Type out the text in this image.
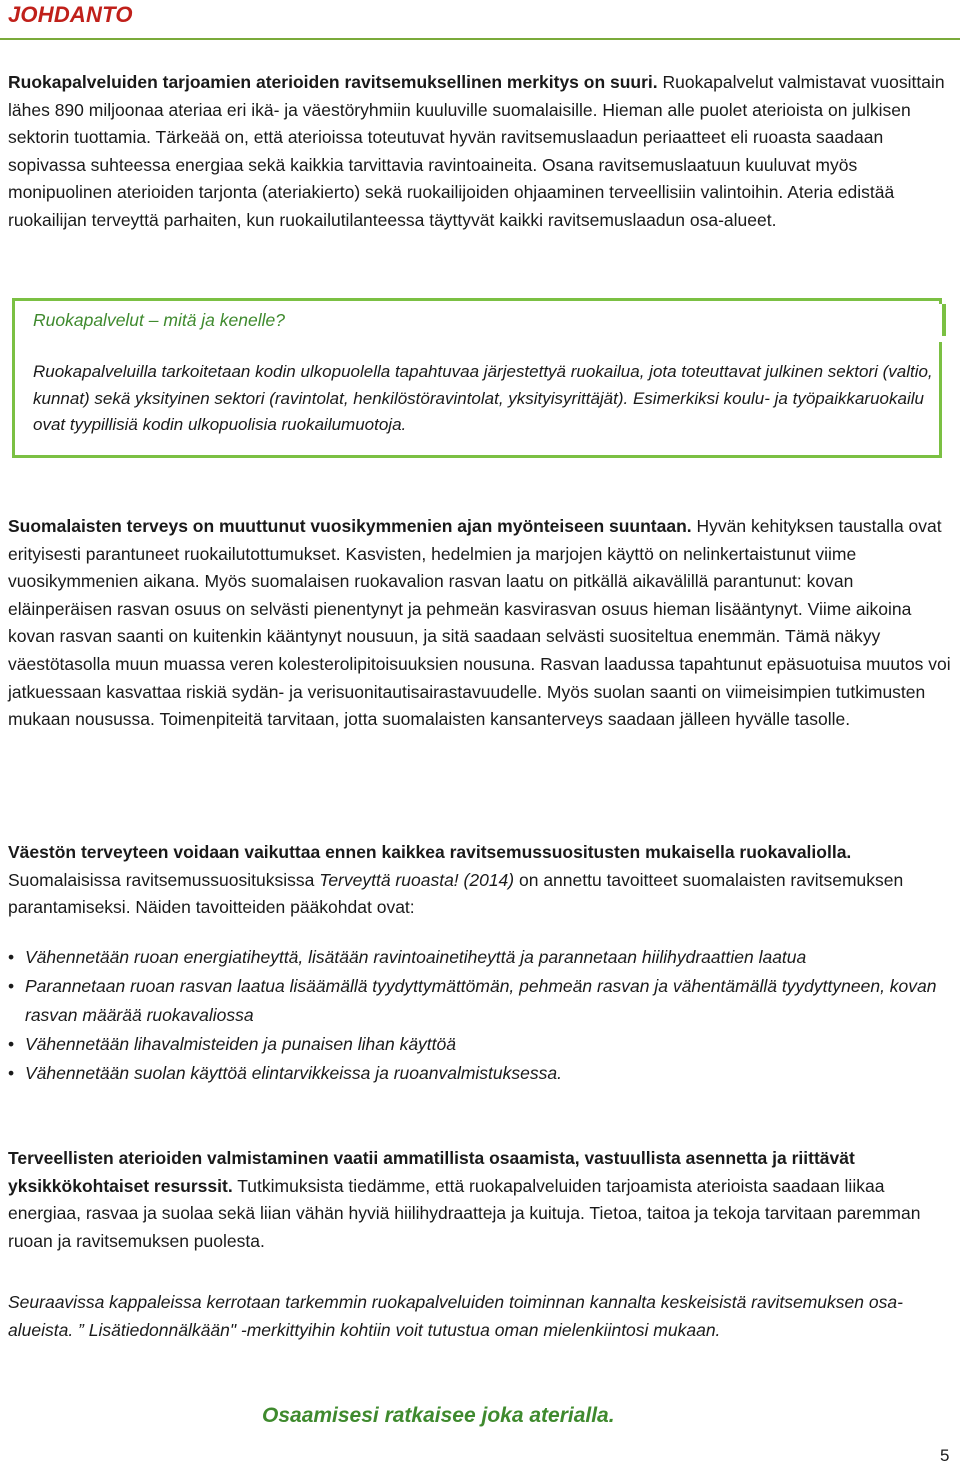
JOHDANTO
Ruokapalveluiden tarjoamien aterioiden ravitsemuksellinen merkitys on suuri. Ruokapalvelut valmistavat vuosittain lähes 890 miljoonaa ateriaa eri ikä- ja väestöryhmiin kuuluville suomalaisille. Hieman alle puolet aterioista on julkisen sektorin tuottamia. Tärkeää on, että aterioissa toteutuvat hyvän ravitsemuslaadun periaatteet eli ruoasta saadaan sopivassa suhteessa energiaa sekä kaikkia tarvittavia ravintoaineita. Osana ravitsemuslaatuun kuuluvat myös monipuolinen aterioiden tarjonta (ateriakierto) sekä ruokailijoiden ohjaaminen terveellisiin valintoihin. Ateria edistää ruokailijan terveyttä parhaiten, kun ruokailutilanteessa täyttyvät kaikki ravitsemuslaadun osa-alueet.
Ruokapalvelut – mitä ja kenelle?
Ruokapalveluilla tarkoitetaan kodin ulkopuolella tapahtuvaa järjestettyä ruokailua, jota toteuttavat julkinen sektori (valtio, kunnat) sekä yksityinen sektori (ravintolat, henkilöstöravintolat, yksityisyrittäjät). Esimerkiksi koulu- ja työpaikkaruokailu ovat tyypillisiä kodin ulkopuolisia ruokailumuotoja.
Suomalaisten terveys on muuttunut vuosikymmenien ajan myönteiseen suuntaan. Hyvän kehityksen taustalla ovat erityisesti parantuneet ruokailutottumukset. Kasvisten, hedelmien ja marjojen käyttö on nelinkertaistunut viime vuosikymmenien aikana. Myös suomalaisen ruokavalion rasvan laatu on pitkällä aikavälillä parantunut: kovan eläinperäisen rasvan osuus on selvästi pienentynyt ja pehmeän kasvirasvan osuus hieman lisääntynyt. Viime aikoina kovan rasvan saanti on kuitenkin kääntynyt nousuun, ja sitä saadaan selvästi suositeltua enemmän. Tämä näkyy väestötasolla muun muassa veren kolesterolipitoisuuksien nousuna. Rasvan laadussa tapahtunut epäsuotuisa muutos voi jatkuessaan kasvattaa riskiä sydän- ja verisuonitautisairastavuudelle. Myös suolan saanti on viimeisimpien tutkimusten mukaan nousussa. Toimenpiteitä tarvitaan, jotta suomalaisten kansanterveys saadaan jälleen hyvälle tasolle.
Väestön terveyteen voidaan vaikuttaa ennen kaikkea ravitsemussuositusten mukaisella ruokavaliolla. Suomalaisissa ravitsemussuosituksissa Terveyttä ruoasta! (2014) on annettu tavoitteet suomalaisten ravitsemuksen parantamiseksi. Näiden tavoitteiden pääkohdat ovat:
• Vähennetään ruoan energiatiheyttä, lisätään ravintoainetiheyttä ja parannetaan hiilihydraattien laatua
• Parannetaan ruoan rasvan laatua lisäämällä tyydyttymättömän, pehmeän rasvan ja vähentämällä tyydyttyneen, kovan rasvan määrää ruokavaliossa
• Vähennetään lihavalmisteiden ja punaisen lihan käyttöä
• Vähennetään suolan käyttöä elintarvikkeissa ja ruoanvalmistuksessa.
Terveellisten aterioiden valmistaminen vaatii ammatillista osaamista, vastuullista asennetta ja riittävät yksikkökohtaiset resurssit. Tutkimuksista tiedämme, että ruokapalveluiden tarjoamista aterioista saadaan liikaa energiaa, rasvaa ja suolaa sekä liian vähän hyviä hiilihydraatteja ja kuituja. Tietoa, taitoa ja tekoja tarvitaan paremman ruoan ja ravitsemuksen puolesta.
Seuraavissa kappaleissa kerrotaan tarkemmin ruokapalveluiden toiminnan kannalta keskeisistä ravitsemuksen osa-alueista. ” Lisätiedonnälkään" -merkittyihin kohtiin voit tutustua oman mielenkiintosi mukaan.
Osaamisesi ratkaisee joka aterialla.
5
